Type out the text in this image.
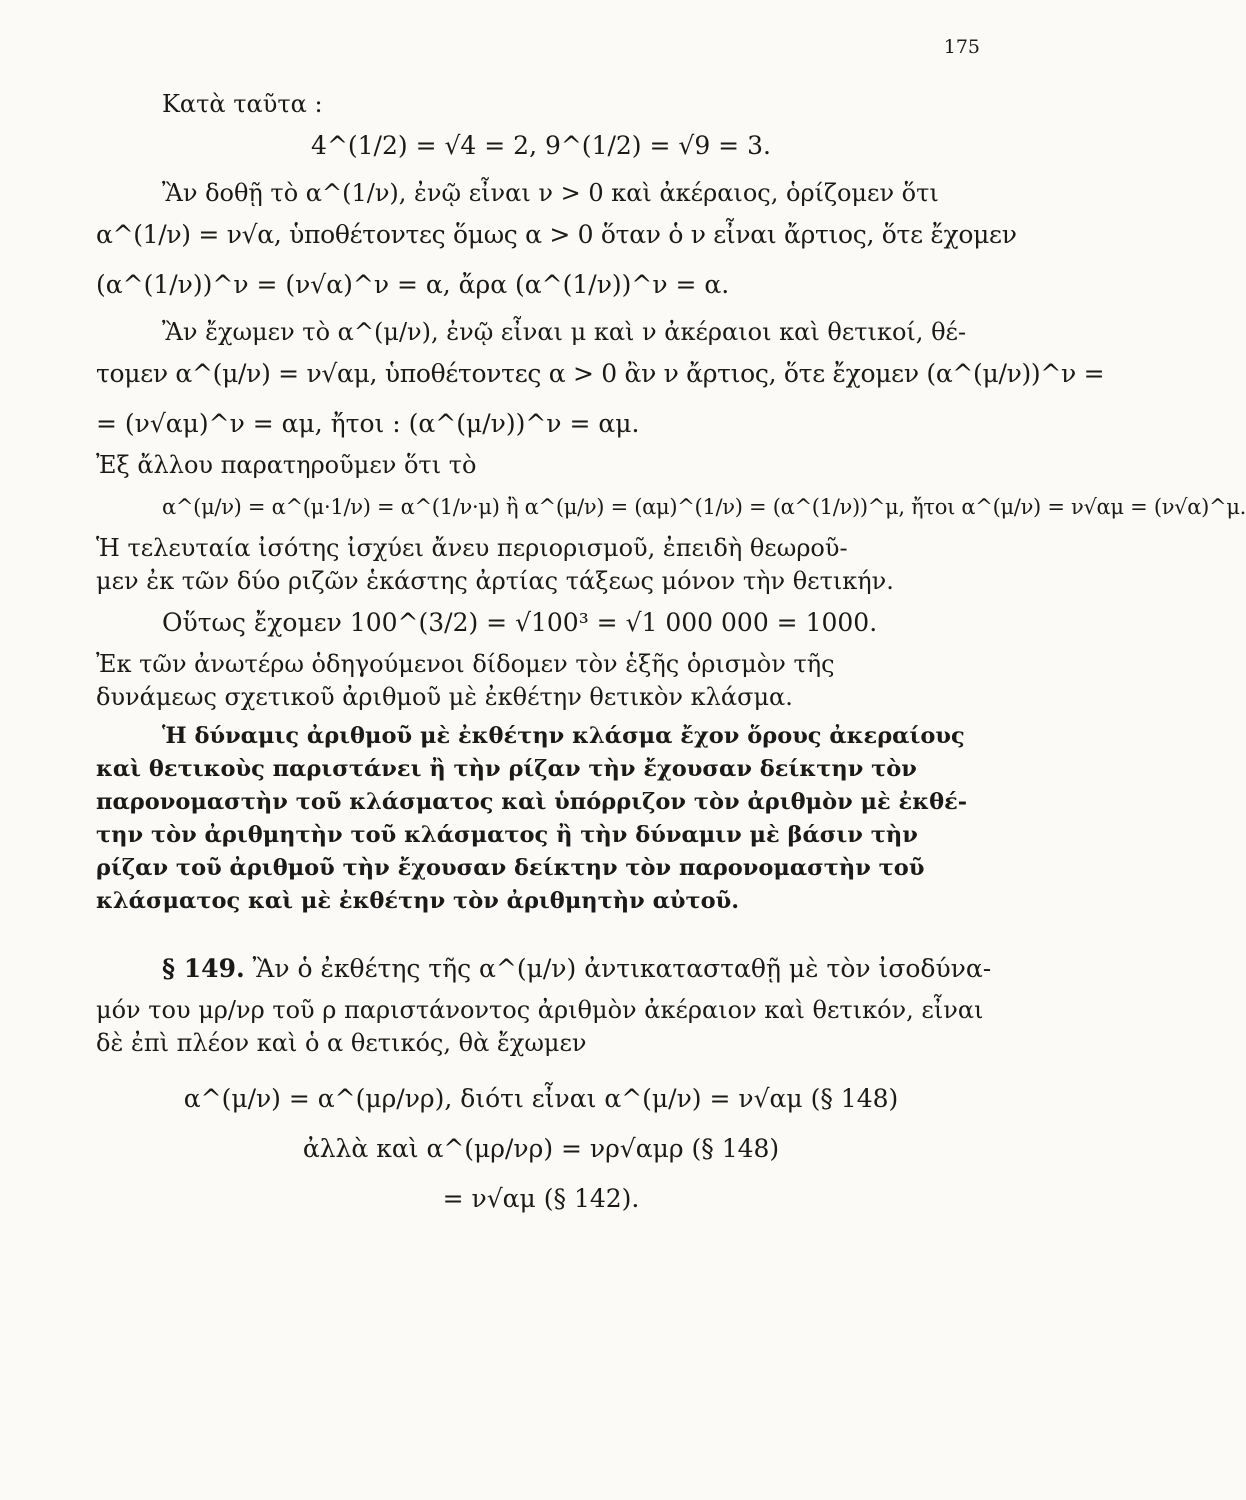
175

Κατὰ ταῦτα :

4^(1/2) = √4 = 2, 9^(1/2) = √9 = 3.

Ἂν δοθῇ τὸ α^(1/ν), ἐνῷ εἶναι ν > 0 καὶ ἀκέραιος, ὁρίζομεν ὅτι

α^(1/ν) = ν√α, ὑποθέτοντες ὅμως α > 0 ὅταν ὁ ν εἶναι ἄρτιος, ὅτε ἔχομεν

(α^(1/ν))^ν = (ν√α)^ν = α, ἄρα (α^(1/ν))^ν = α.

Ἂν ἔχωμεν τὸ α^(μ/ν), ἐνῷ εἶναι μ καὶ ν ἀκέραιοι καὶ θετικοί, θέ-

τομεν α^(μ/ν) = ν√αμ, ὑποθέτοντες α > 0 ἂν ν ἄρτιος, ὅτε ἔχομεν (α^(μ/ν))^ν =

= (ν√αμ)^ν = αμ, ἤτοι : (α^(μ/ν))^ν = αμ.

Ἐξ ἄλλου παρατηροῦμεν ὅτι τὸ

α^(μ/ν) = α^(μ·1/ν) = α^(1/ν·μ) ἢ α^(μ/ν) = (αμ)^(1/ν) = (α^(1/ν))^μ, ἤτοι α^(μ/ν) = ν√αμ = (ν√α)^μ.

Ἡ τελευταία ἰσότης ἰσχύει ἄνευ περιορισμοῦ, ἐπειδὴ θεωροῦ-

μεν ἐκ τῶν δύο ριζῶν ἑκάστης ἀρτίας τάξεως μόνον τὴν θετικήν.

Οὕτως ἔχομεν 100^(3/2) = √100³ = √1 000 000 = 1000.

Ἐκ τῶν ἀνωτέρω ὁδηγούμενοι δίδομεν τὸν ἑξῆς ὁρισμὸν τῆς

δυνάμεως σχετικοῦ ἀριθμοῦ μὲ ἐκθέτην θετικὸν κλάσμα.

Ἡ δύναμις ἀριθμοῦ μὲ ἐκθέτην κλάσμα ἔχον ὅρους ἀκεραίους

καὶ θετικοὺς παριστάνει ἢ τὴν ρίζαν τὴν ἔχουσαν δείκτην τὸν

παρονομαστὴν τοῦ κλάσματος καὶ ὑπόρριζον τὸν ἀριθμὸν μὲ ἐκθέ-

την τὸν ἀριθμητὴν τοῦ κλάσματος ἢ τὴν δύναμιν μὲ βάσιν τὴν

ρίζαν τοῦ ἀριθμοῦ τὴν ἔχουσαν δείκτην τὸν παρονομαστὴν τοῦ

κλάσματος καὶ μὲ ἐκθέτην τὸν ἀριθμητὴν αὐτοῦ.

§ 149. Ἂν ὁ ἐκθέτης τῆς α^(μ/ν) ἀντικατασταθῇ μὲ τὸν ἰσοδύνα-

μόν του μρ/νρ τοῦ ρ παριστάνοντος ἀριθμὸν ἀκέραιον καὶ θετικόν, εἶναι

δὲ ἐπὶ πλέον καὶ ὁ α θετικός, θὰ ἔχωμεν

α^(μ/ν) = α^(μρ/νρ), διότι εἶναι α^(μ/ν) = ν√αμ (§ 148)

ἀλλὰ καὶ α^(μρ/νρ) = νρ√αμρ (§ 148)

= ν√αμ (§ 142).
